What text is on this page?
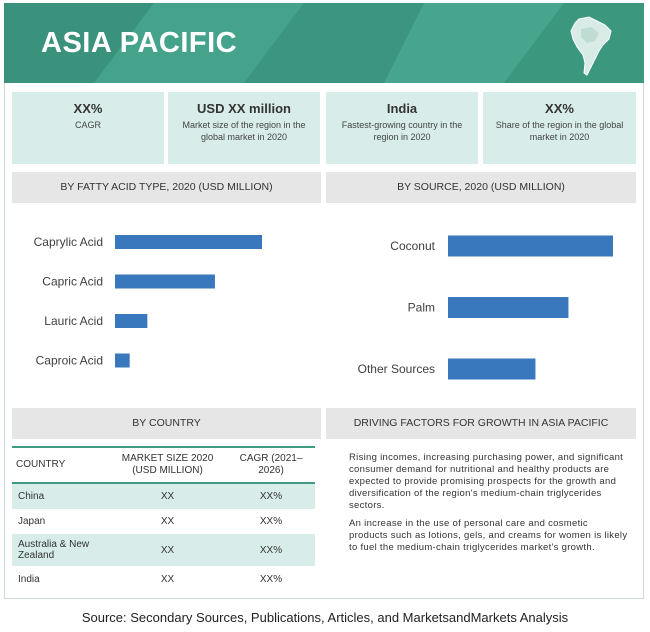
ASIA PACIFIC
XX%
CAGR
USD XX million
Market size of the region in the global market in 2020
India
Fastest-growing country in the region in 2020
XX%
Share of the region in the global market in 2020
BY FATTY ACID TYPE, 2020 (USD MILLION)	BY SOURCE, 2020 (USD MILLION)
Caprylic Acid
Capric Acid
Lauric Acid
Caproic Acid
Coconut
Palm
Other Sources
BY COUNTRY	DRIVING FACTORS FOR GROWTH IN ASIA PACIFIC
COUNTRY	MARKET SIZE 2020 (USD MILLION)	CAGR (2021–2026)
China	XX	XX%
Japan	XX	XX%
Australia & New Zealand	XX	XX%
India	XX	XX%
Rising incomes, increasing purchasing power, and significant consumer demand for nutritional and healthy products are expected to provide promising prospects for the growth and diversification of the region's medium-chain triglycerides sectors.
An increase in the use of personal care and cosmetic products such as lotions, gels, and creams for women is likely to fuel the medium-chain triglycerides market's growth.
Source: Secondary Sources, Publications, Articles, and MarketsandMarkets Analysis
